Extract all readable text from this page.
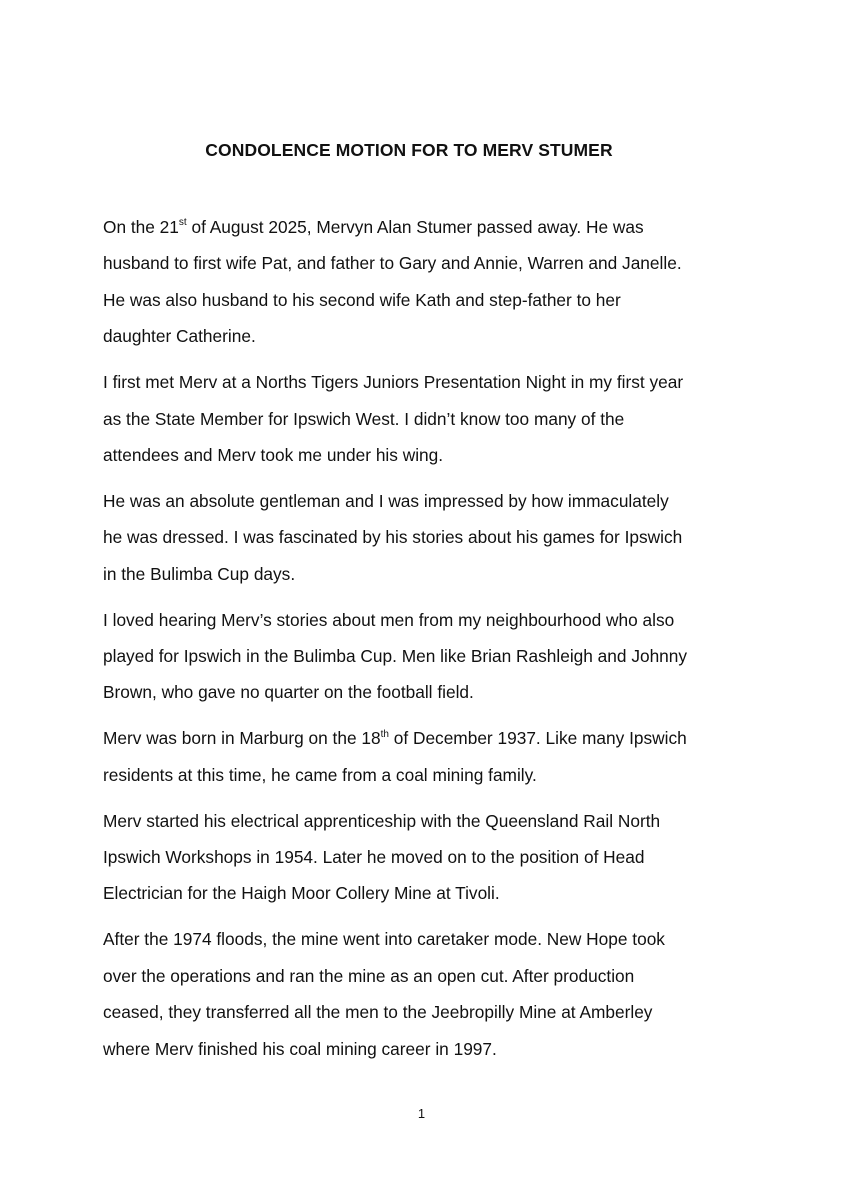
CONDOLENCE MOTION FOR TO MERV STUMER

On the 21st of August 2025, Mervyn Alan Stumer passed away. He was
husband to first wife Pat, and father to Gary and Annie, Warren and Janelle.
He was also husband to his second wife Kath and step-father to her
daughter Catherine.

I first met Merv at a Norths Tigers Juniors Presentation Night in my first year
as the State Member for Ipswich West. I didn’t know too many of the
attendees and Merv took me under his wing.

He was an absolute gentleman and I was impressed by how immaculately
he was dressed. I was fascinated by his stories about his games for Ipswich
in the Bulimba Cup days.

I loved hearing Merv’s stories about men from my neighbourhood who also
played for Ipswich in the Bulimba Cup. Men like Brian Rashleigh and Johnny
Brown, who gave no quarter on the football field.

Merv was born in Marburg on the 18th of December 1937. Like many Ipswich
residents at this time, he came from a coal mining family.

Merv started his electrical apprenticeship with the Queensland Rail North
Ipswich Workshops in 1954. Later he moved on to the position of Head
Electrician for the Haigh Moor Collery Mine at Tivoli.

After the 1974 floods, the mine went into caretaker mode. New Hope took
over the operations and ran the mine as an open cut. After production
ceased, they transferred all the men to the Jeebropilly Mine at Amberley
where Merv finished his coal mining career in 1997.

1
